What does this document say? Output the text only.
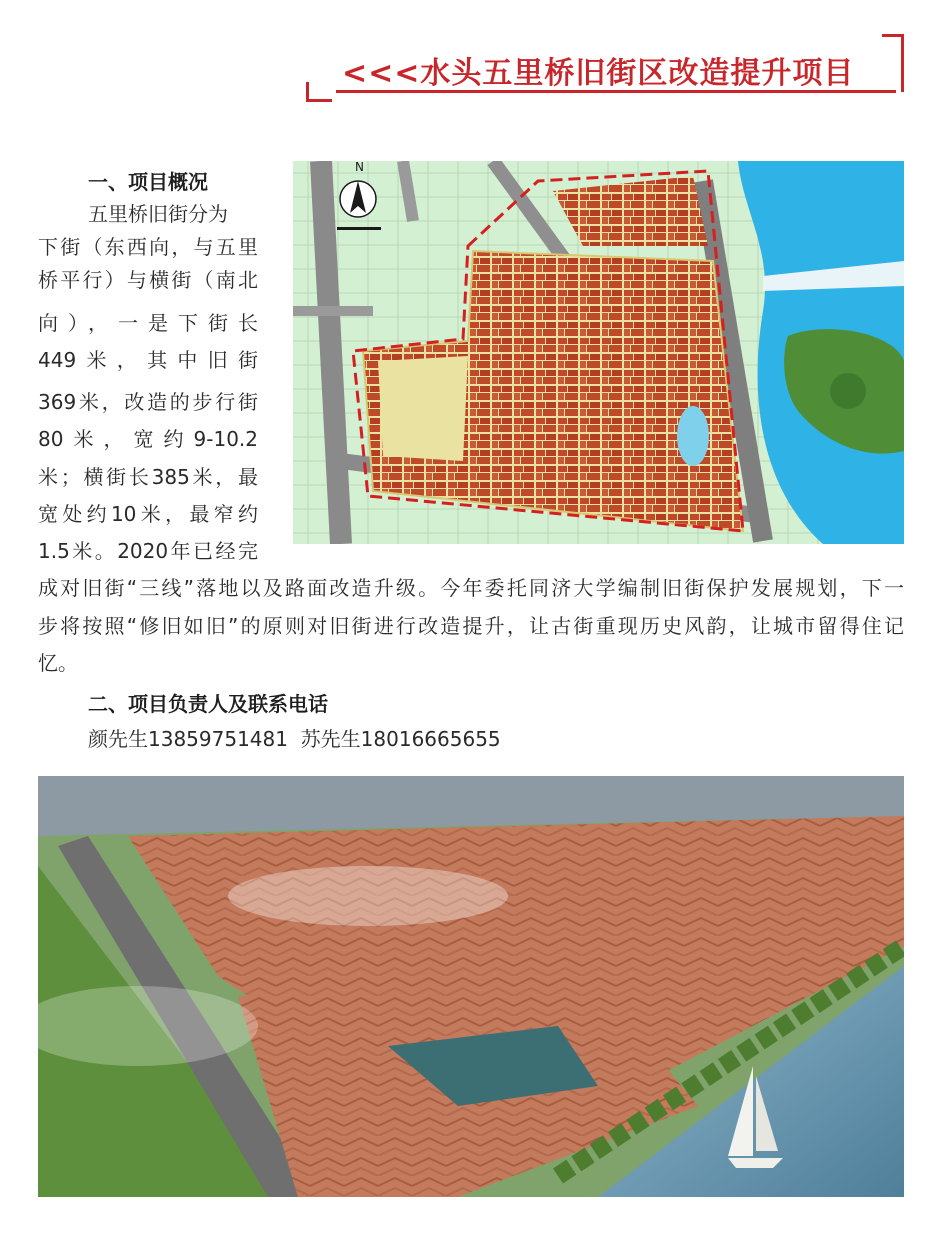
<<<水头五里桥旧街区改造提升项目
一、项目概况
五里桥旧街分为
下街（东西向，与五里
桥平行）与横街（南北
向），一是下街长
449米，其中旧街
369米，改造的步行街
80米，宽约9-10.2
米；横街长385米，最
宽处约10米，最窄约
1.5米。2020年已经完
成对旧街“三线”落地以及路面改造升级。今年委托同济大学编制旧街保护发展规划，下一
步将按照“修旧如旧”的原则对旧街进行改造提升，让古街重现历史风韵，让城市留得住记
忆。
二、项目负责人及联系电话
颜先生13859751481  苏先生18016665655
N
